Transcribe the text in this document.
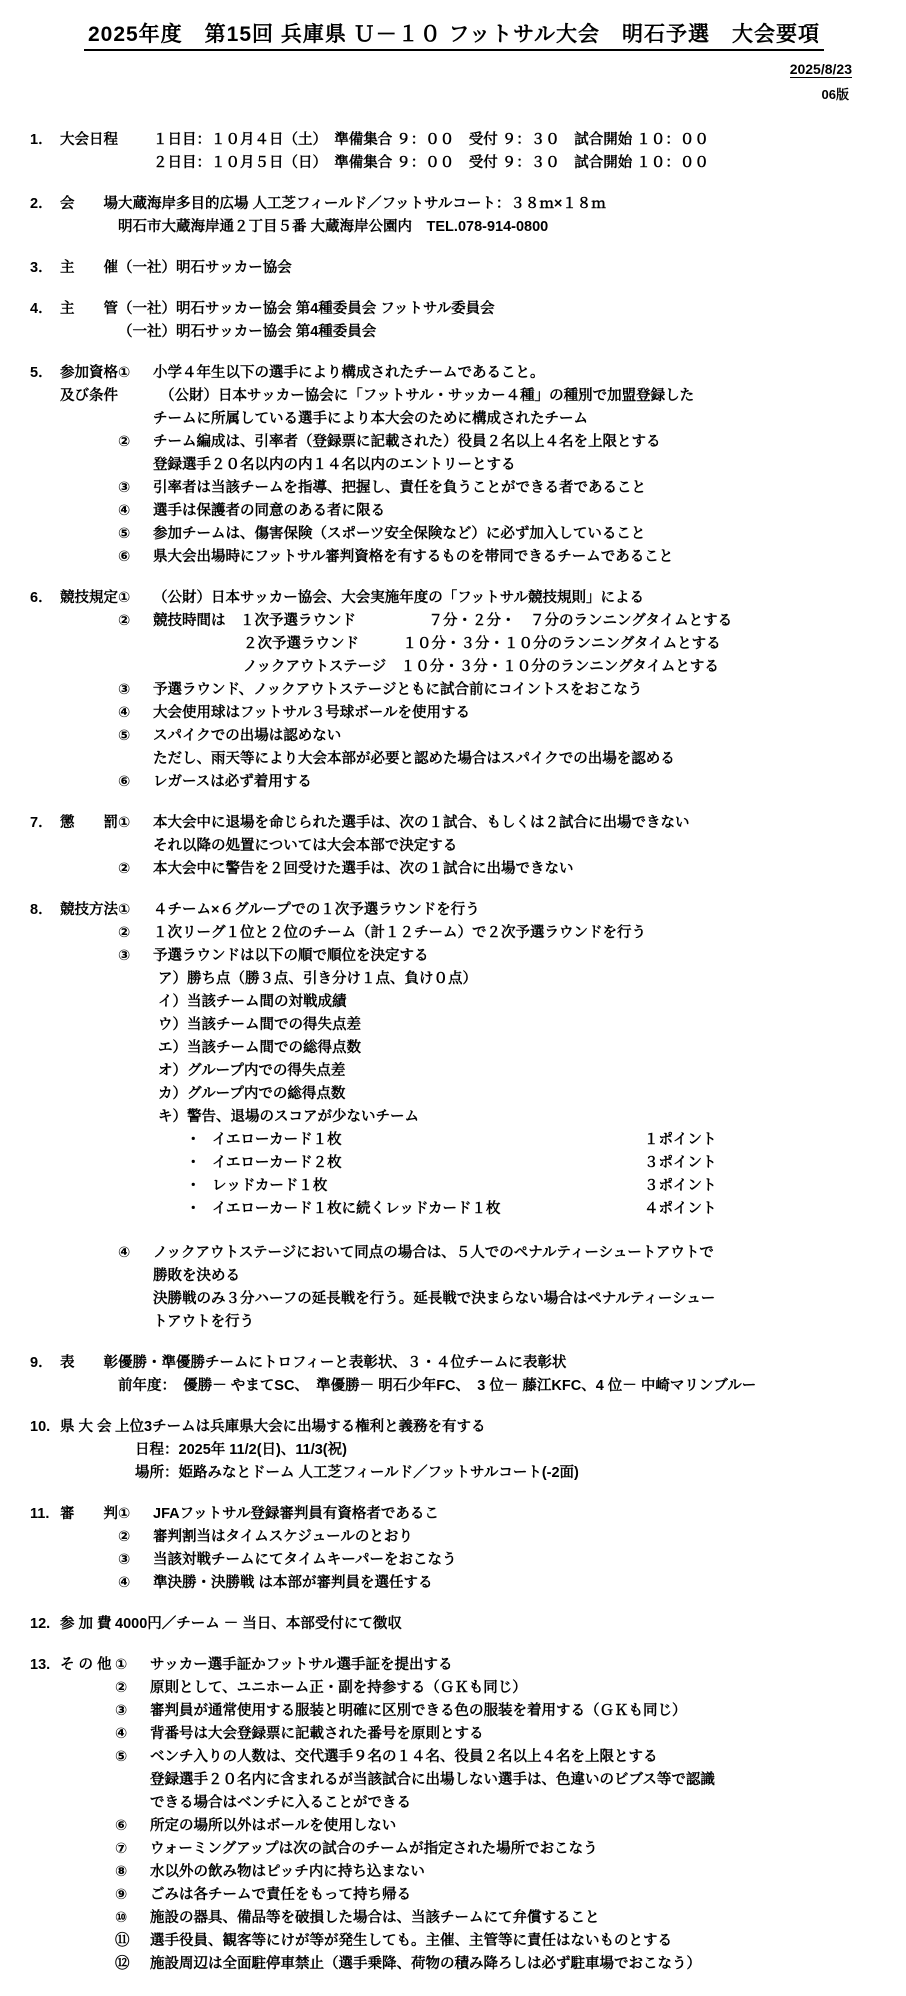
2025年度　第15回 兵庫県 Ｕ－１０ フットサル大会　明石予選　大会要項
2025/8/23
06版
1． 大会日程	１日目：１０月４日（土）　準備集合 ９：００　受付 ９：３０　試合開始 １０：００
２日目：１０月５日（日）　準備集合 ９：００　受付 ９：３０　試合開始 １０：００
2． 会　　場 大蔵海岸多目的広場 人工芝フィールド／フットサルコート：３８ｍ×１８ｍ
明石市大蔵海岸通２丁目５番 大蔵海岸公園内　TEL.078-914-0800
3． 主　　催 （一社）明石サッカー協会
4． 主　　管 （一社）明石サッカー協会 第4種委員会 フットサル委員会
（一社）明石サッカー協会 第4種委員会
5． 参加資格
及び条件
① 小学４年生以下の選手により構成されたチームであること。
（公財）日本サッカー協会に「フットサル・サッカー４種」の種別で加盟登録した
チームに所属している選手により本大会のために構成されたチーム
② チーム編成は、引率者（登録票に記載された）役員２名以上４名を上限とする
登録選手２０名以内の内１４名以内のエントリーとする
③ 引率者は当該チームを指導、把握し、責任を負うことができる者であること
④ 選手は保護者の同意のある者に限る
⑤ 参加チームは、傷害保険（スポーツ安全保険など）に必ず加入していること
⑥ 県大会出場時にフットサル審判資格を有するものを帯同できるチームであること
6． 競技規定 ① （公財）日本サッカー協会、大会実施年度の「フットサル競技規則」による
② 競技時間は　１次予選ラウンド　　　　　７分・２分・　７分のランニングタイムとする
２次予選ラウンド　　　１０分・３分・１０分のランニングタイムとする
ノックアウトステージ　１０分・３分・１０分のランニングタイムとする
③ 予選ラウンド、ノックアウトステージともに試合前にコイントスをおこなう
④ 大会使用球はフットサル３号球ボールを使用する
⑤ スパイクでの出場は認めない
ただし、雨天等により大会本部が必要と認めた場合はスパイクでの出場を認める
⑥ レガースは必ず着用する
7． 懲　　罰 ① 本大会中に退場を命じられた選手は、次の１試合、もしくは２試合に出場できない
それ以降の処置については大会本部で決定する
② 本大会中に警告を２回受けた選手は、次の１試合に出場できない
8． 競技方法 ① ４チーム×６グループでの１次予選ラウンドを行う
② １次リーグ１位と２位のチーム（計１２チーム）で２次予選ラウンドを行う
③ 予選ラウンドは以下の順で順位を決定する
ア）勝ち点（勝３点、引き分け１点、負け０点）
イ）当該チーム間の対戦成績
ウ）当該チーム間での得失点差
エ）当該チーム間での総得点数
オ）グループ内での得失点差
カ）グループ内での総得点数
キ）警告、退場のスコアが少ないチーム
・ イエローカード１枚	１ポイント
・ イエローカード２枚	３ポイント
・ レッドカード１枚	３ポイント
・ イエローカード１枚に続くレッドカード１枚	４ポイント
④ ノックアウトステージにおいて同点の場合は、５人でのペナルティーシュートアウトで
勝敗を決める
決勝戦のみ３分ハーフの延長戦を行う。延長戦で決まらない場合はペナルティーシュー
トアウトを行う
9． 表　　彰 優勝・準優勝チームにトロフィーと表彰状、３・４位チームに表彰状
前年度：　優勝－ やまてSC、　準優勝－ 明石少年FC、　3 位－ 藤江KFC、4 位－ 中崎マリンブルー
10. 県 大 会 上位3チームは兵庫県大会に出場する権利と義務を有する
日程：2025年 11/2(日)、11/3(祝)
場所：姫路みなとドーム 人工芝フィールド／フットサルコート(-2面)
11. 審　　判 ① JFAフットサル登録審判員有資格者であるこ
② 審判割当はタイムスケジュールのとおり
③ 当該対戦チームにてタイムキーパーをおこなう
④ 準決勝・決勝戦 は本部が審判員を選任する
12. 参 加 費 4000円／チーム － 当日、本部受付にて徴収
13. そ の 他 ① サッカー選手証かフットサル選手証を提出する
② 原則として、ユニホーム正・副を持参する（ＧＫも同じ）
③ 審判員が通常使用する服装と明確に区別できる色の服装を着用する（ＧＫも同じ）
④ 背番号は大会登録票に記載された番号を原則とする
⑤ ベンチ入りの人数は、交代選手９名の１４名、役員２名以上４名を上限とする
登録選手２０名内に含まれるが当該試合に出場しない選手は、色違いのビブス等で認識
できる場合はベンチに入ることができる
⑥ 所定の場所以外はボールを使用しない
⑦ ウォーミングアップは次の試合のチームが指定された場所でおこなう
⑧ 水以外の飲み物はピッチ内に持ち込まない
⑨ ごみは各チームで責任をもって持ち帰る
⑩ 施設の器具、備品等を破損した場合は、当該チームにて弁償すること
⑪ 選手役員、観客等にけが等が発生しても。主催、主管等に責任はないものとする
⑫ 施設周辺は全面駐停車禁止（選手乗降、荷物の積み降ろしは必ず駐車場でおこなう）
